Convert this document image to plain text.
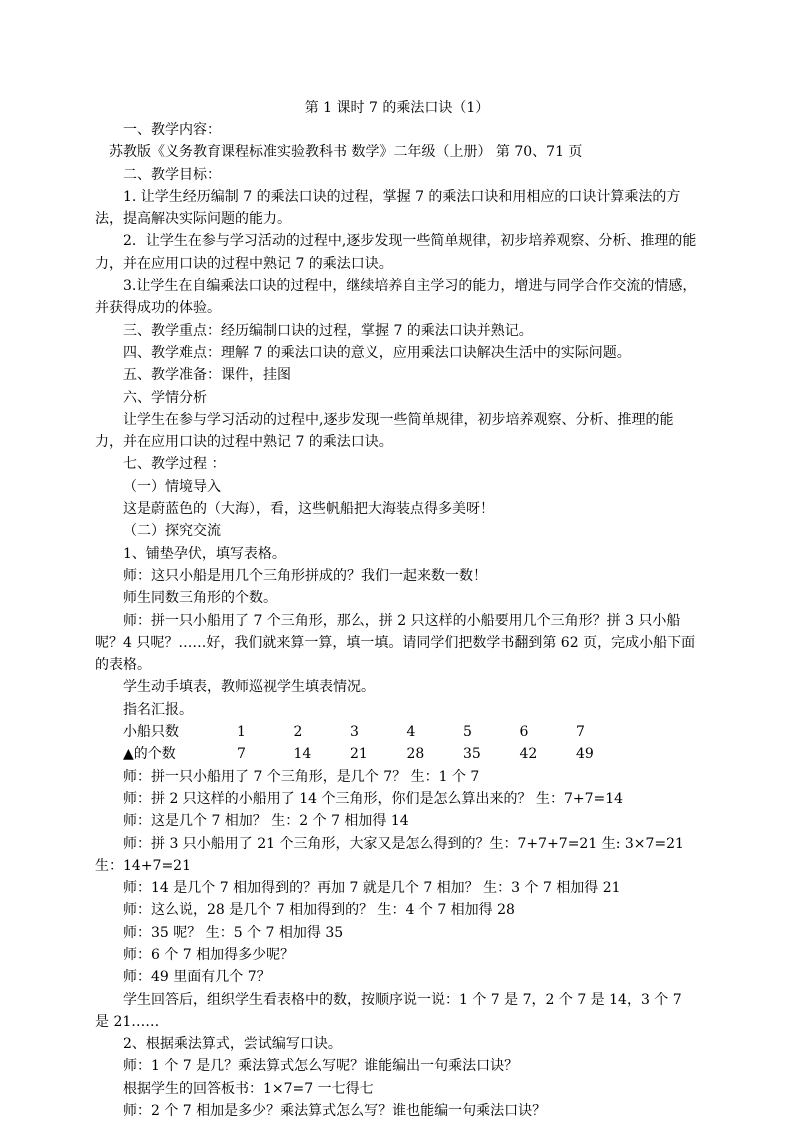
第 1 课时 7 的乘法口诀（1）

一、教学内容：

苏教版《义务教育课程标准实验教科书 数学》二年级（上册） 第 70、71 页

二、教学目标：

1. 让学生经历编制 7 的乘法口诀的过程，掌握 7 的乘法口诀和用相应的口诀计算乘法的方法，提高解决实际问题的能力。

2．让学生在参与学习活动的过程中,逐步发现一些简单规律，初步培养观察、分析、推理的能力，并在应用口诀的过程中熟记 7 的乘法口诀。

3.让学生在自编乘法口诀的过程中，继续培养自主学习的能力，增进与同学合作交流的情感，并获得成功的体验。

三、教学重点：经历编制口诀的过程，掌握 7 的乘法口诀并熟记。

四、教学难点：理解 7 的乘法口诀的意义，应用乘法口诀解决生活中的实际问题。

五、教学准备：课件，挂图

六、学情分析

让学生在参与学习活动的过程中,逐步发现一些简单规律，初步培养观察、分析、推理的能力，并在应用口诀的过程中熟记 7 的乘法口诀。

七、教学过程 ：

（一）情境导入

这是蔚蓝色的（大海），看，这些帆船把大海装点得多美呀！

（二）探究交流

1、铺垫孕伏，填写表格。

师：这只小船是用几个三角形拼成的？我们一起来数一数！

师生同数三角形的个数。

师：拼一只小船用了 7 个三角形，那么，拼 2 只这样的小船要用几个三角形？拼 3 只小船呢？4 只呢？……好，我们就来算一算，填一填。请同学们把数学书翻到第 62 页，完成小船下面的表格。

学生动手填表，教师巡视学生填表情况。

指名汇报。

小船只数	1	2	3	4	5	6	7
▲的个数	7	14	21	28	35	42	49

师：拼一只小船用了 7 个三角形，是几个 7？ 生：1 个 7

师：拼 2 只这样的小船用了 14 个三角形，你们是怎么算出来的？ 生：7+7=14

师：这是几个 7 相加？ 生：2 个 7 相加得 14

师：拼 3 只小船用了 21 个三角形，大家又是怎么得到的？生：7+7+7=21 生: 3×7=21 生：14+7=21

师：14 是几个 7 相加得到的？再加 7 就是几个 7 相加？ 生：3 个 7 相加得 21

师：这么说，28 是几个 7 相加得到的？ 生：4 个 7 相加得 28

师：35 呢？ 生：5 个 7 相加得 35

师：6 个 7 相加得多少呢？

师：49 里面有几个 7？

学生回答后，组织学生看表格中的数，按顺序说一说：1 个 7 是 7，2 个 7 是 14，3 个 7 是 21……

2、根据乘法算式，尝试编写口诀。

师：1 个 7 是几？乘法算式怎么写呢？谁能编出一句乘法口诀？

根据学生的回答板书：1×7=7 一七得七

师：2 个 7 相加是多少？乘法算式怎么写？谁也能编一句乘法口诀？
